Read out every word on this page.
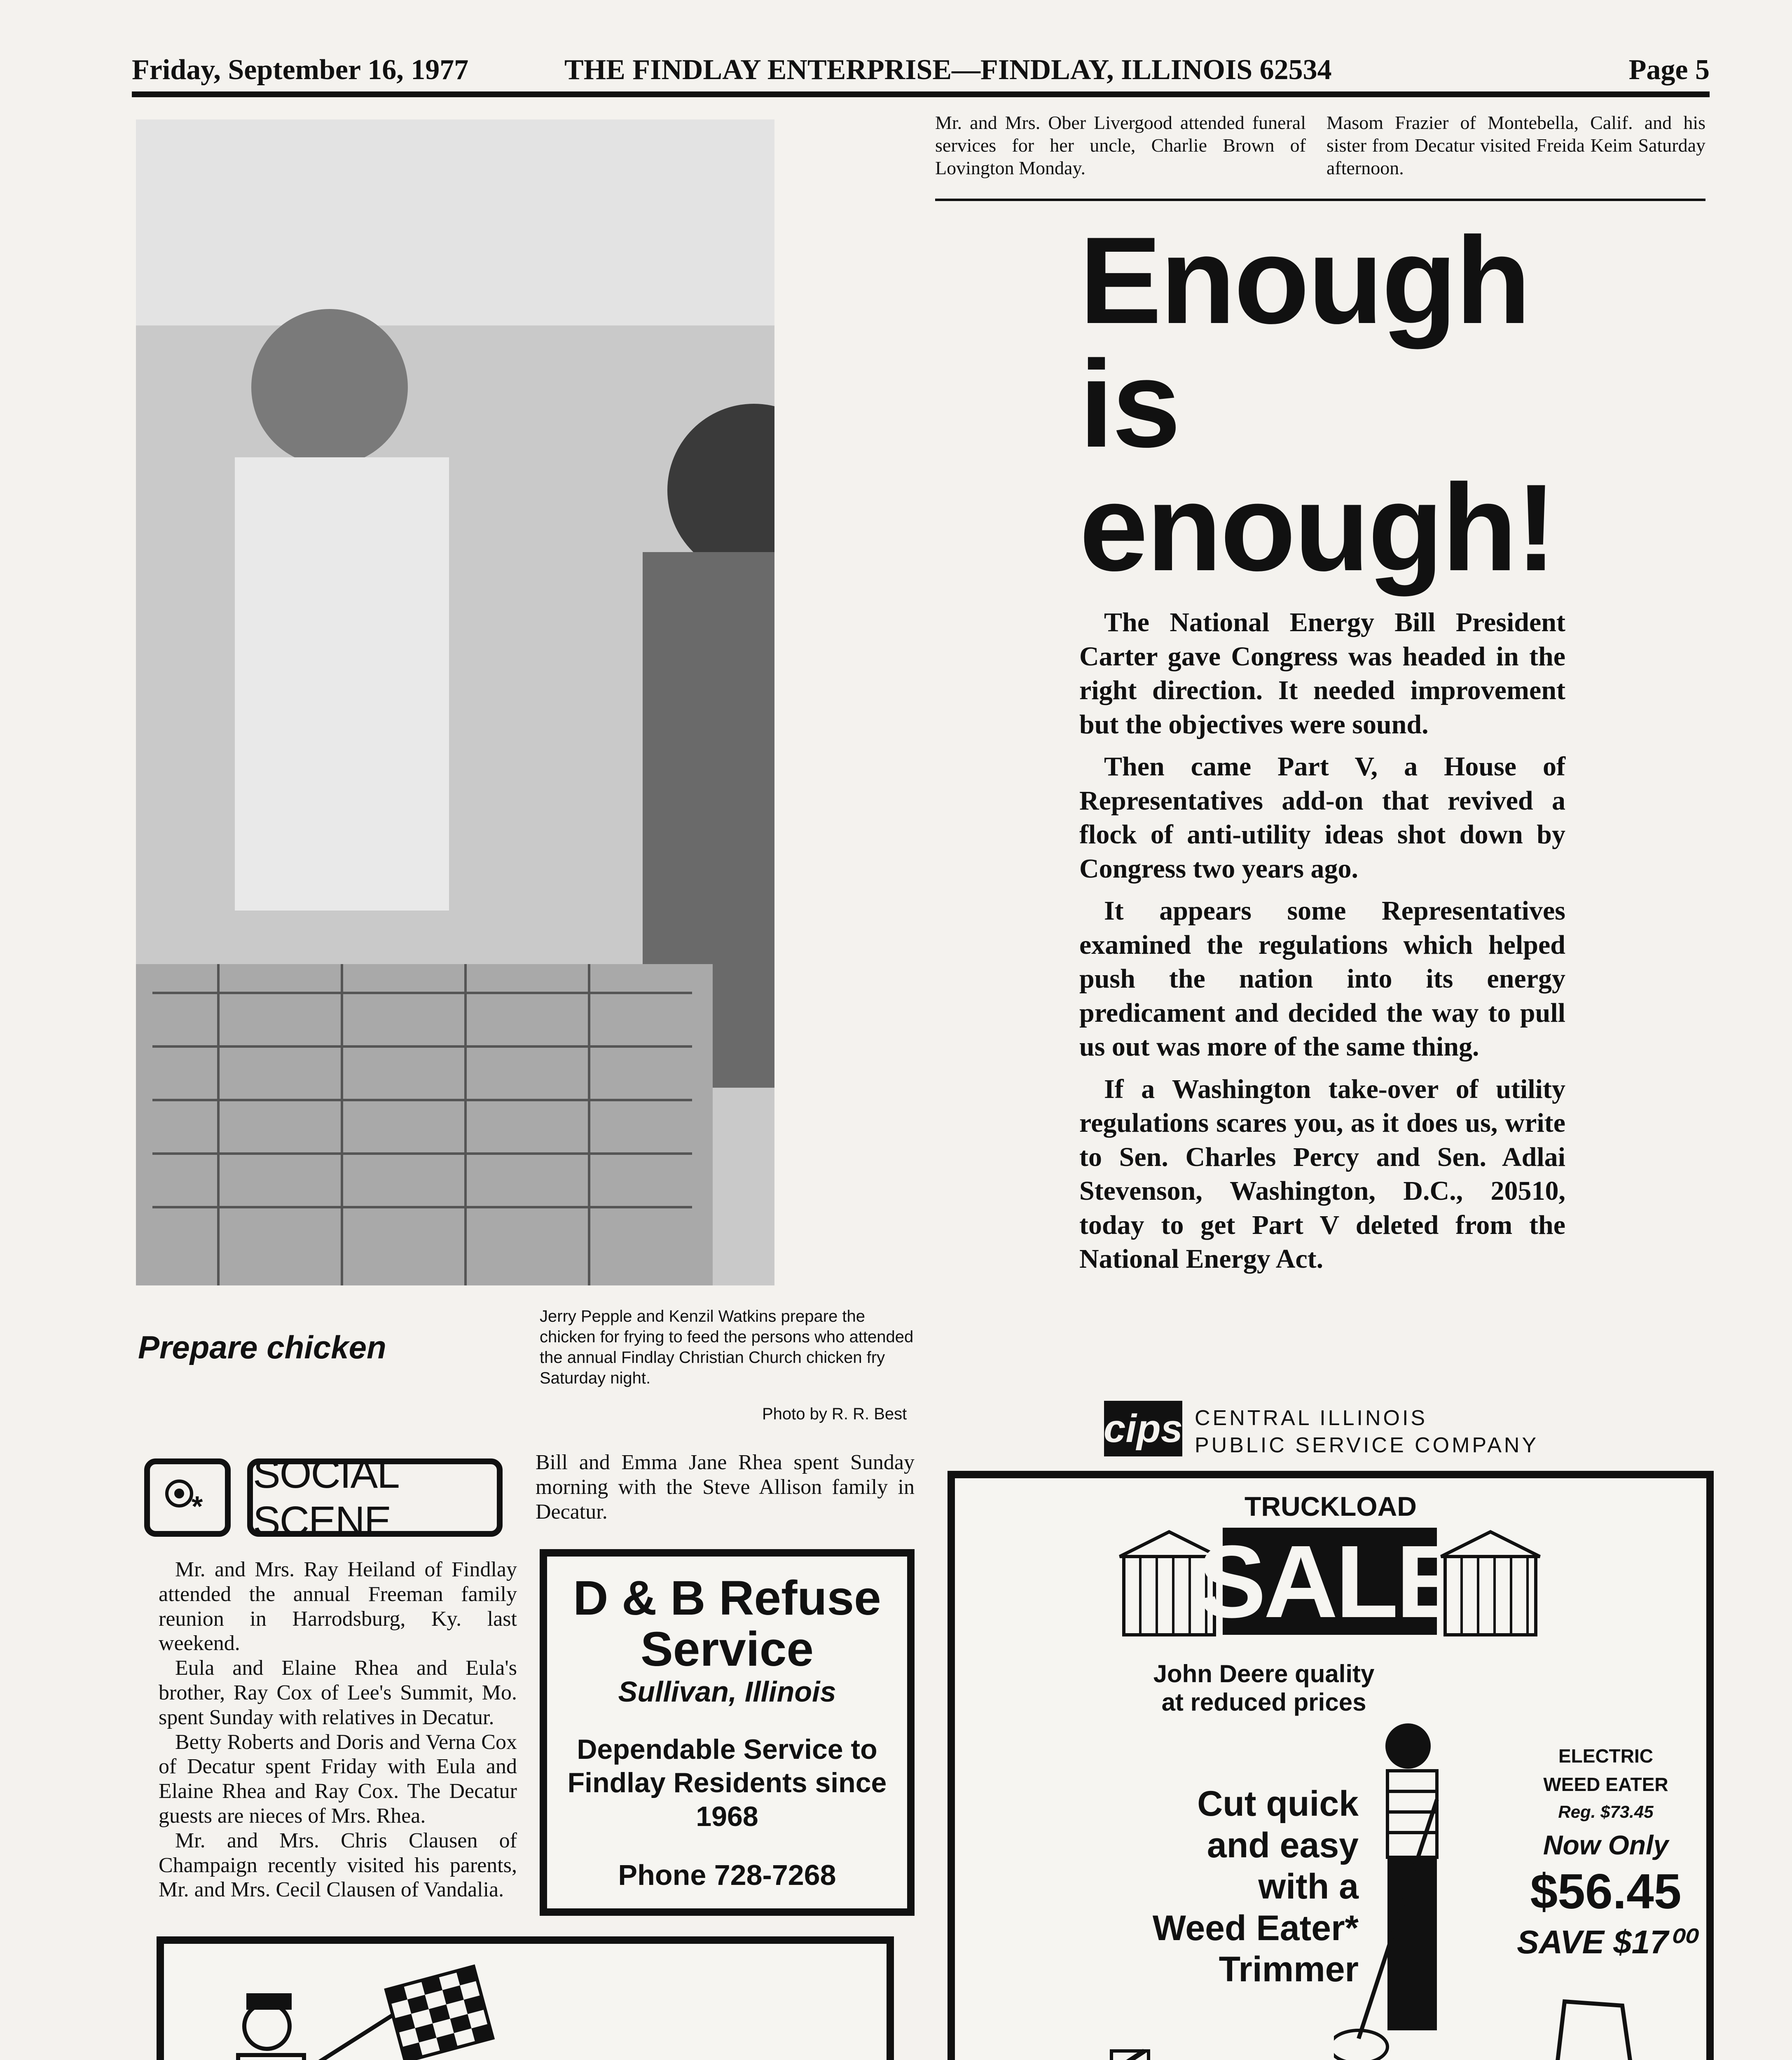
Friday, September 16, 1977	THE FINDLAY ENTERPRISE—FINDLAY, ILLINOIS 62534	Page 5
Prepare chicken
Jerry Pepple and Kenzil Watkins prepare the chicken for frying to feed the persons who attended the annual Findlay Christian Church chicken fry Saturday night.
Photo by R. R. Best
Mr. and Mrs. Ober Livergood attended funeral services for her uncle, Charlie Brown of Lovington Monday.
Masom Frazier of Montebella, Calif. and his sister from Decatur visited Freida Keim Saturday afternoon.
Enough
is
enough!

The National Energy Bill President Carter gave Congress was headed in the right direction. It needed improvement but the objectives were sound.

Then came Part V, a House of Representatives add-on that revived a flock of anti-utility ideas shot down by Congress two years ago.

It appears some Representatives examined the regulations which helped push the nation into its energy predicament and decided the way to pull us out was more of the same thing.

If a Washington take-over of utility regulations scares you, as it does us, write to Sen. Charles Percy and Sen. Adlai Stevenson, Washington, D.C., 20510, today to get Part V deleted from the National Energy Act.

cips CENTRAL ILLINOIS
PUBLIC SERVICE COMPANY
*
SOCIAL SCENE

Mr. and Mrs. Ray Heiland of Findlay attended the annual Freeman family reunion in Harrodsburg, Ky. last weekend.

Eula and Elaine Rhea and Eula's brother, Ray Cox of Lee's Summit, Mo. spent Sunday with relatives in Decatur.

Betty Roberts and Doris and Verna Cox of Decatur spent Friday with Eula and Elaine Rhea and Ray Cox. The Decatur guests are nieces of Mrs. Rhea.

Mr. and Mrs. Chris Clausen of Champaign recently visited his parents, Mr. and Mrs. Cecil Clausen of Vandalia.

Bill and Emma Jane Rhea spent Sunday morning with the Steve Allison family in Decatur.
D & B Refuse
Service
Sullivan, Illinois
Dependable Service to Findlay Residents since 1968
Phone 728-7268
TRUCKLOAD
SALE
John Deere quality
at reduced prices
Cut quick
and easy
with a
Weed Eater*
Trimmer
ELECTRIC
WEED EATER
Reg. $73.45
Now Only
$56.45
SAVE $17⁰⁰
